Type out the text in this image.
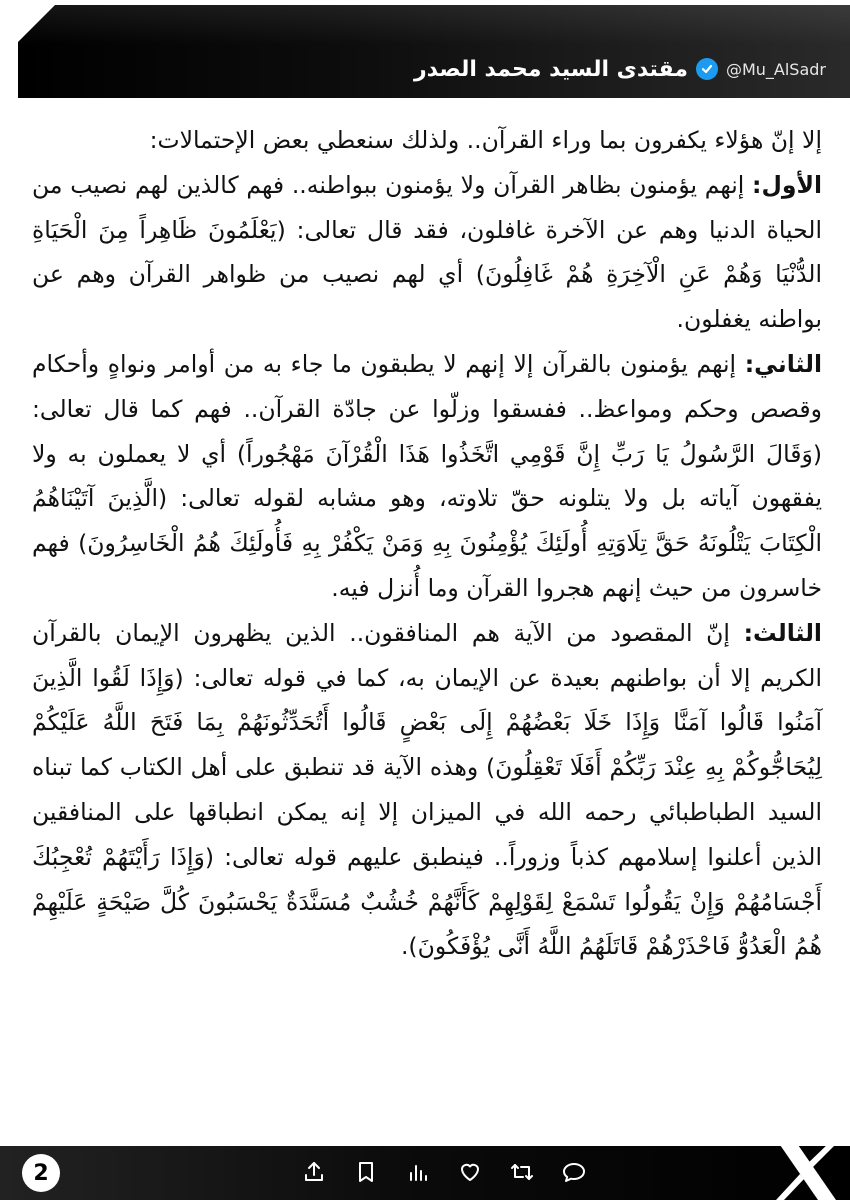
مقتدى السيد محمد الصدر @Mu_AlSadr

إلا إنّ هؤلاء يكفرون بما وراء القرآن.. ولذلك سنعطي بعض الإحتمالات:

الأول: إنهم يؤمنون بظاهر القرآن ولا يؤمنون ببواطنه.. فهم كالذين لهم نصيب من الحياة الدنيا وهم عن الآخرة غافلون، فقد قال تعالى: (يَعْلَمُونَ ظَاهِراً مِنَ الْحَيَاةِ الدُّنْيَا وَهُمْ عَنِ الْآخِرَةِ هُمْ غَافِلُونَ) أي لهم نصيب من ظواهر القرآن وهم عن بواطنه يغفلون.

الثاني: إنهم يؤمنون بالقرآن إلا إنهم لا يطبقون ما جاء به من أوامر ونواهٍ وأحكام وقصص وحكم ومواعظ.. ففسقوا وزلّوا عن جادّة القرآن.. فهم كما قال تعالى: (وَقَالَ الرَّسُولُ يَا رَبِّ إِنَّ قَوْمِي اتَّخَذُوا هَذَا الْقُرْآنَ مَهْجُوراً) أي لا يعملون به ولا يفقهون آياته بل ولا يتلونه حقّ تلاوته، وهو مشابه لقوله تعالى: (الَّذِينَ آتَيْنَاهُمُ الْكِتَابَ يَتْلُونَهُ حَقَّ تِلَاوَتِهِ أُولَئِكَ يُؤْمِنُونَ بِهِ وَمَنْ يَكْفُرْ بِهِ فَأُولَئِكَ هُمُ الْخَاسِرُونَ) فهم خاسرون من حيث إنهم هجروا القرآن وما أُنزل فيه.

الثالث: إنّ المقصود من الآية هم المنافقون.. الذين يظهرون الإيمان بالقرآن الكريم إلا أن بواطنهم بعيدة عن الإيمان به، كما في قوله تعالى: (وَإِذَا لَقُوا الَّذِينَ آمَنُوا قَالُوا آمَنَّا وَإِذَا خَلَا بَعْضُهُمْ إِلَى بَعْضٍ قَالُوا أَتُحَدِّثُونَهُمْ بِمَا فَتَحَ اللَّهُ عَلَيْكُمْ لِيُحَاجُّوكُمْ بِهِ عِنْدَ رَبِّكُمْ أَفَلَا تَعْقِلُونَ) وهذه الآية قد تنطبق على أهل الكتاب كما تبناه السيد الطباطبائي رحمه الله في الميزان إلا إنه يمكن انطباقها على المنافقين الذين أعلنوا إسلامهم كذباً وزوراً.. فينطبق عليهم قوله تعالى: (وَإِذَا رَأَيْتَهُمْ تُعْجِبُكَ أَجْسَامُهُمْ وَإِنْ يَقُولُوا تَسْمَعْ لِقَوْلِهِمْ كَأَنَّهُمْ خُشُبٌ مُسَنَّدَةٌ يَحْسَبُونَ كُلَّ صَيْحَةٍ عَلَيْهِمْ هُمُ الْعَدُوُّ فَاحْذَرْهُمْ قَاتَلَهُمُ اللَّهُ أَنَّى يُؤْفَكُونَ).

2
